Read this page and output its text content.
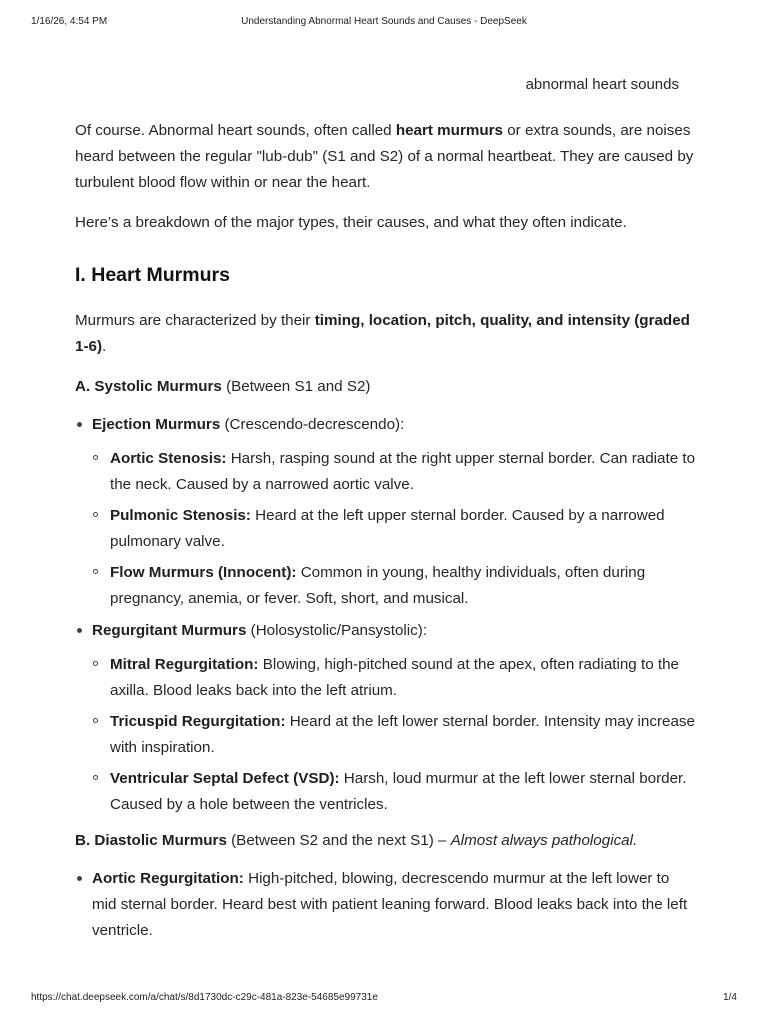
1/16/26, 4:54 PM	Understanding Abnormal Heart Sounds and Causes - DeepSeek
abnormal heart sounds

Of course. Abnormal heart sounds, often called heart murmurs or extra sounds, are noises heard between the regular "lub-dub" (S1 and S2) of a normal heartbeat. They are caused by turbulent blood flow within or near the heart.

Here’s a breakdown of the major types, their causes, and what they often indicate.

I. Heart Murmurs

Murmurs are characterized by their timing, location, pitch, quality, and intensity (graded 1-6).

A. Systolic Murmurs (Between S1 and S2)
Ejection Murmurs (Crescendo-decrescendo):
Aortic Stenosis: Harsh, rasping sound at the right upper sternal border. Can radiate to the neck. Caused by a narrowed aortic valve.
Pulmonic Stenosis: Heard at the left upper sternal border. Caused by a narrowed pulmonary valve.
Flow Murmurs (Innocent): Common in young, healthy individuals, often during pregnancy, anemia, or fever. Soft, short, and musical.
Regurgitant Murmurs (Holosystolic/Pansystolic):
Mitral Regurgitation: Blowing, high-pitched sound at the apex, often radiating to the axilla. Blood leaks back into the left atrium.
Tricuspid Regurgitation: Heard at the left lower sternal border. Intensity may increase with inspiration.
Ventricular Septal Defect (VSD): Harsh, loud murmur at the left lower sternal border. Caused by a hole between the ventricles.
B. Diastolic Murmurs (Between S2 and the next S1) – Almost always pathological.
Aortic Regurgitation: High-pitched, blowing, decrescendo murmur at the left lower to mid sternal border. Heard best with patient leaning forward. Blood leaks back into the left ventricle.
https://chat.deepseek.com/a/chat/s/8d1730dc-c29c-481a-823e-54685e99731e	1/4
